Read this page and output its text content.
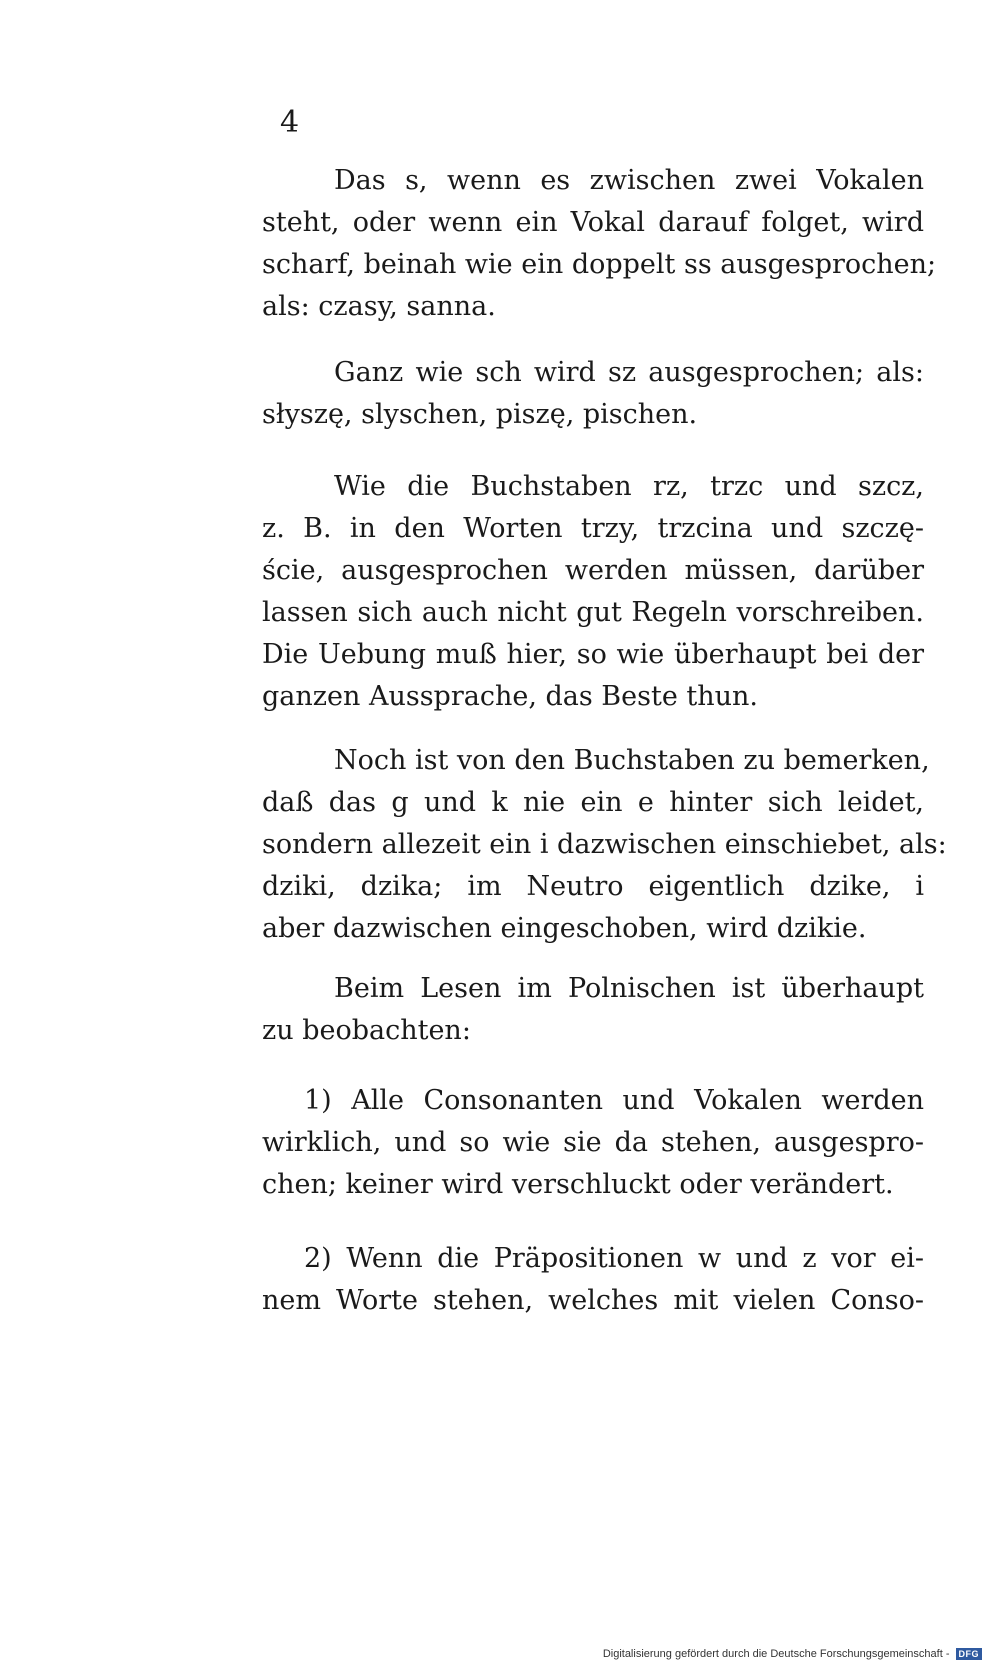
4
Das s, wenn es zwischen zwei Vokalen
steht, oder wenn ein Vokal darauf folget, wird
scharf, beinah wie ein doppelt ss ausgesprochen;
als: czasy, sanna.
Ganz wie sch wird sz ausgesprochen; als:
słyszę, slyschen, piszę, pischen.
Wie die Buchstaben rz, trzc und szcz,
z. B. in den Worten trzy, trzcina und szczę-
ście, ausgesprochen werden müssen, darüber
lassen sich auch nicht gut Regeln vorschreiben.
Die Uebung muß hier, so wie überhaupt bei der
ganzen Aussprache, das Beste thun.
Noch ist von den Buchstaben zu bemerken,
daß das g und k nie ein e hinter sich leidet,
sondern allezeit ein i dazwischen einschiebet, als:
dziki, dzika; im Neutro eigentlich dzike, i
aber dazwischen eingeschoben, wird dzikie.
Beim Lesen im Polnischen ist überhaupt
zu beobachten:
1) Alle Consonanten und Vokalen werden
wirklich, und so wie sie da stehen, ausgespro-
chen; keiner wird verschluckt oder verändert.
2) Wenn die Präpositionen w und z vor ei-
nem Worte stehen, welches mit vielen Conso-
Digitalisierung gefördert durch die Deutsche Forschungsgemeinschaft -	DFG
